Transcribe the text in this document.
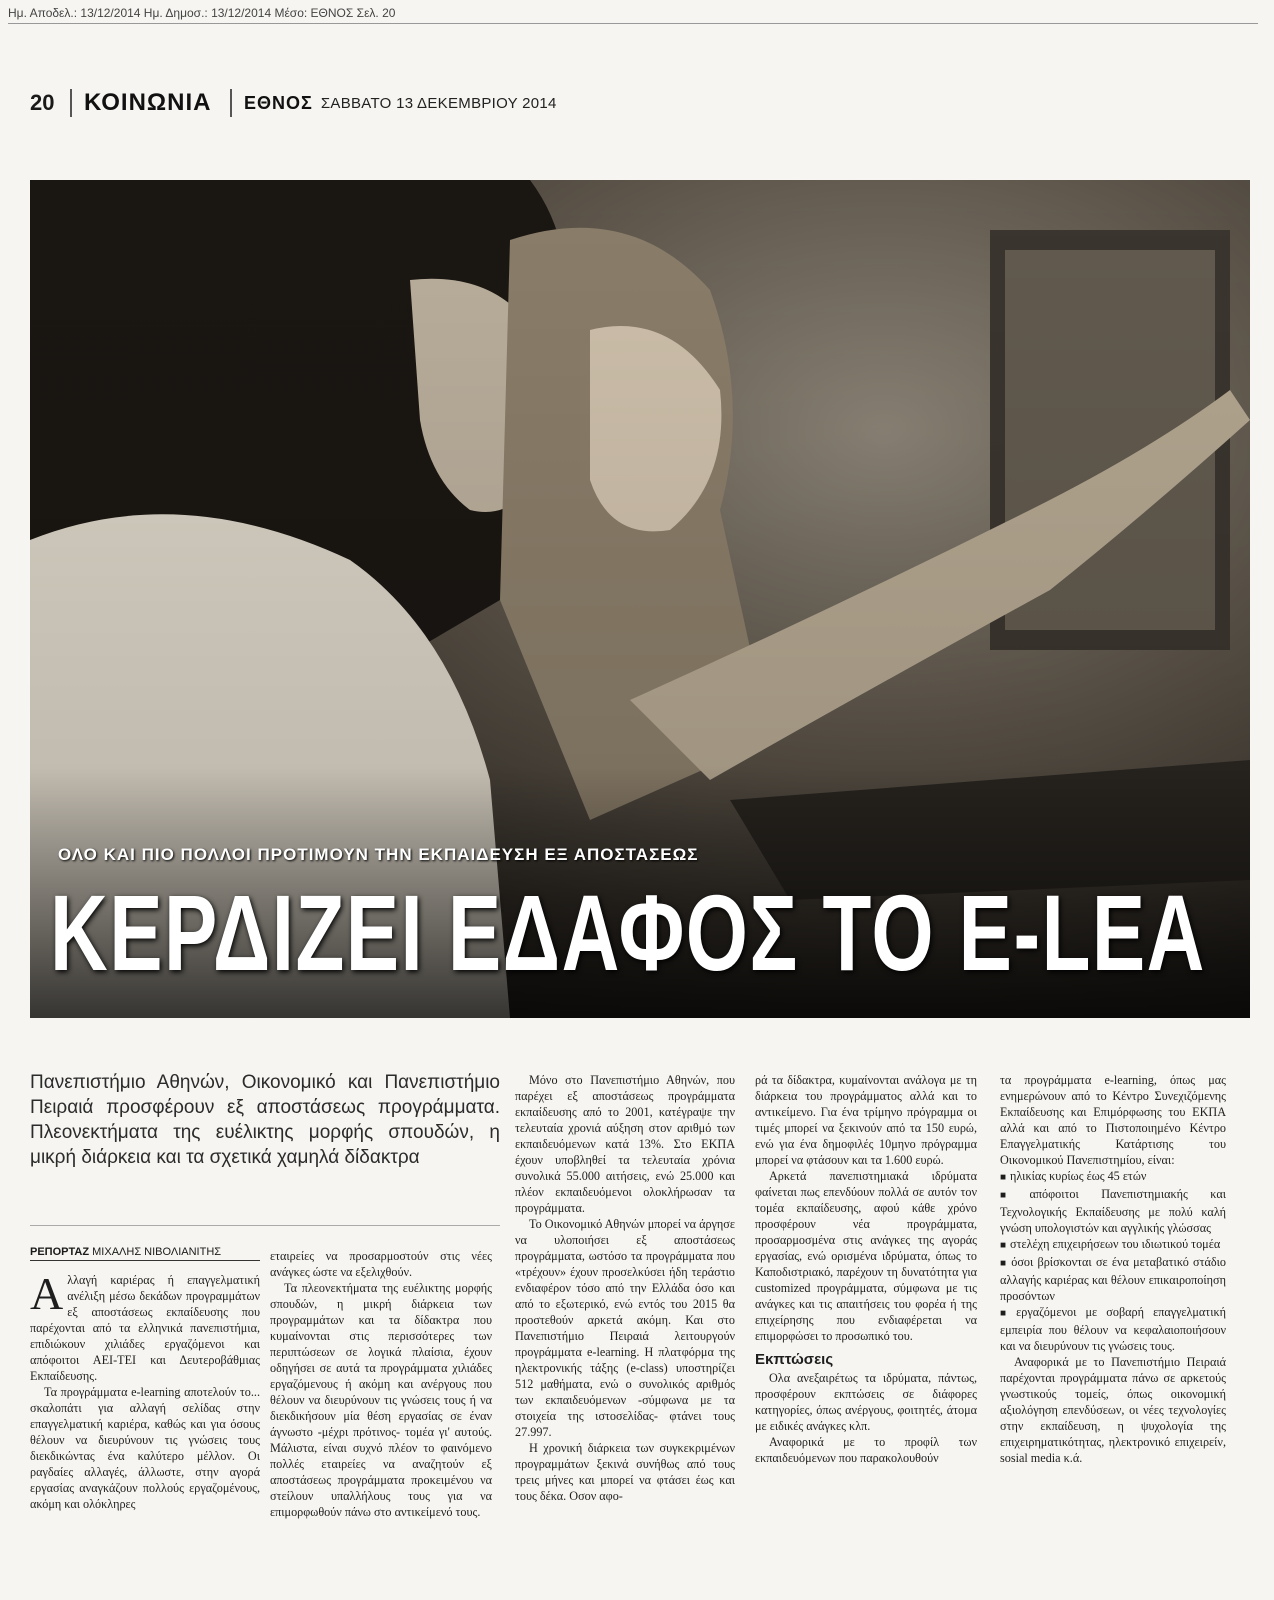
Ημ. Αποδελ.: 13/12/2014 Ημ. Δημοσ.: 13/12/2014 Μέσο: ΕΘΝΟΣ Σελ. 20
20	ΚΟΙΝΩΝΙΑ	ΕΘΝΟΣ ΣΑΒΒΑΤΟ 13 ΔΕΚΕΜΒΡΙΟΥ 2014
ΟΛΟ ΚΑΙ ΠΙΟ ΠΟΛΛΟΙ ΠΡΟΤΙΜΟΥΝ ΤΗΝ ΕΚΠΑΙΔΕΥΣΗ ΕΞ ΑΠΟΣΤΑΣΕΩΣ
ΚΕΡΔΙΖΕΙ ΕΔΑΦΟΣ ΤΟ E-LEA
Πανεπιστήμιο Αθηνών, Οικονομικό και Πανεπιστήμιο Πειραιά προσφέρουν εξ αποστάσεως προγράμματα. Πλεονεκτήματα της ευέλικτης μορφής σπουδών, η μικρή διάρκεια και τα σχετικά χαμηλά δίδακτρα
ΡΕΠΟΡΤΑΖ ΜΙΧΑΛΗΣ ΝΙΒΟΛΙΑΝΙΤΗΣ

Αλλαγή καριέρας ή επαγγελματική ανέλιξη μέσω δεκάδων προγραμμάτων εξ αποστάσεως εκπαίδευσης που παρέχονται από τα ελληνικά πανεπιστήμια, επιδιώκουν χιλιάδες εργαζόμενοι και απόφοιτοι ΑΕΙ-ΤΕΙ και Δευτεροβάθμιας Εκπαίδευσης.

Τα προγράμματα e-learning αποτελούν το... σκαλοπάτι για αλλαγή σελίδας στην επαγγελματική καριέρα, καθώς και για όσους θέλουν να διευρύνουν τις γνώσεις τους διεκδικώντας ένα καλύτερο μέλλον. Οι ραγδαίες αλλαγές, άλλωστε, στην αγορά εργασίας αναγκάζουν πολλούς εργαζομένους, ακόμη και ολόκληρες

εταιρείες να προσαρμοστούν στις νέες ανάγκες ώστε να εξελιχθούν.

Τα πλεονεκτήματα της ευέλικτης μορφής σπουδών, η μικρή διάρκεια των προγραμμάτων και τα δίδακτρα που κυμαίνονται στις περισσότερες των περιπτώσεων σε λογικά πλαίσια, έχουν οδηγήσει σε αυτά τα προγράμματα χιλιάδες εργαζόμενους ή ακόμη και ανέργους που θέλουν να διευρύνουν τις γνώσεις τους ή να διεκδικήσουν μία θέση εργασίας σε έναν άγνωστο -μέχρι πρότινος- τομέα γι' αυτούς. Μάλιστα, είναι συχνό πλέον το φαινόμενο πολλές εταιρείες να αναζητούν εξ αποστάσεως προγράμματα προκειμένου να στείλουν υπαλλήλους τους για να επιμορφωθούν πάνω στο αντικείμενό τους.

Μόνο στο Πανεπιστήμιο Αθηνών, που παρέχει εξ αποστάσεως προγράμματα εκπαίδευσης από το 2001, κατέγραψε την τελευταία χρονιά αύξηση στον αριθμό των εκπαιδευόμενων κατά 13%. Στο ΕΚΠΑ έχουν υποβληθεί τα τελευταία χρόνια συνολικά 55.000 αιτήσεις, ενώ 25.000 και πλέον εκπαιδευόμενοι ολοκλήρωσαν τα προγράμματα.

Το Οικονομικό Αθηνών μπορεί να άργησε να υλοποιήσει εξ αποστάσεως προγράμματα, ωστόσο τα προγράμματα που «τρέχουν» έχουν προσελκύσει ήδη τεράστιο ενδιαφέρον τόσο από την Ελλάδα όσο και από το εξωτερικό, ενώ εντός του 2015 θα προστεθούν αρκετά ακόμη. Και στο Πανεπιστήμιο Πειραιά λειτουργούν προγράμματα e-learning. Η πλατφόρμα της ηλεκτρονικής τάξης (e-class) υποστηρίζει 512 μαθήματα, ενώ ο συνολικός αριθμός των εκπαιδευόμενων -σύμφωνα με τα στοιχεία της ιστοσελίδας- φτάνει τους 27.997.

Η χρονική διάρκεια των συγκεκριμένων προγραμμάτων ξεκινά συνήθως από τους τρεις μήνες και μπορεί να φτάσει έως και τους δέκα. Οσον αφο-

ρά τα δίδακτρα, κυμαίνονται ανάλογα με τη διάρκεια του προγράμματος αλλά και το αντικείμενο. Για ένα τρίμηνο πρόγραμμα οι τιμές μπορεί να ξεκινούν από τα 150 ευρώ, ενώ για ένα δημοφιλές 10μηνο πρόγραμμα μπορεί να φτάσουν και τα 1.600 ευρώ.

Αρκετά πανεπιστημιακά ιδρύματα φαίνεται πως επενδύουν πολλά σε αυτόν τον τομέα εκπαίδευσης, αφού κάθε χρόνο προσφέρουν νέα προγράμματα, προσαρμοσμένα στις ανάγκες της αγοράς εργασίας, ενώ ορισμένα ιδρύματα, όπως το Καποδιστριακό, παρέχουν τη δυνατότητα για customized προγράμματα, σύμφωνα με τις ανάγκες και τις απαιτήσεις του φορέα ή της επιχείρησης που ενδιαφέρεται να επιμορφώσει το προσωπικό του.

Εκπτώσεις

Ολα ανεξαιρέτως τα ιδρύματα, πάντως, προσφέρουν εκπτώσεις σε διάφορες κατηγορίες, όπως ανέργους, φοιτητές, άτομα με ειδικές ανάγκες κλπ.

Αναφορικά με το προφίλ των εκπαιδευόμενων που παρακολουθούν

τα προγράμματα e-learning, όπως μας ενημερώνουν από το Κέντρο Συνεχιζόμενης Εκπαίδευσης και Επιμόρφωσης του ΕΚΠΑ αλλά και από το Πιστοποιημένο Κέντρο Επαγγελματικής Κατάρτισης του Οικονομικού Πανεπιστημίου, είναι:

■ ηλικίας κυρίως έως 45 ετών

■ απόφοιτοι Πανεπιστημιακής και Τεχνολογικής Εκπαίδευσης με πολύ καλή γνώση υπολογιστών και αγγλικής γλώσσας

■ στελέχη επιχειρήσεων του ιδιωτικού τομέα

■ όσοι βρίσκονται σε ένα μεταβατικό στάδιο αλλαγής καριέρας και θέλουν επικαιροποίηση προσόντων

■ εργαζόμενοι με σοβαρή επαγγελματική εμπειρία που θέλουν να κεφαλαιοποιήσουν και να διευρύνουν τις γνώσεις τους.

Αναφορικά με το Πανεπιστήμιο Πειραιά παρέχονται προγράμματα πάνω σε αρκετούς γνωστικούς τομείς, όπως οικονομική αξιολόγηση επενδύσεων, οι νέες τεχνολογίες στην εκπαίδευση, η ψυχολογία της επιχειρηματικότητας, ηλεκτρονικό επιχειρείν, sosial media κ.ά.
